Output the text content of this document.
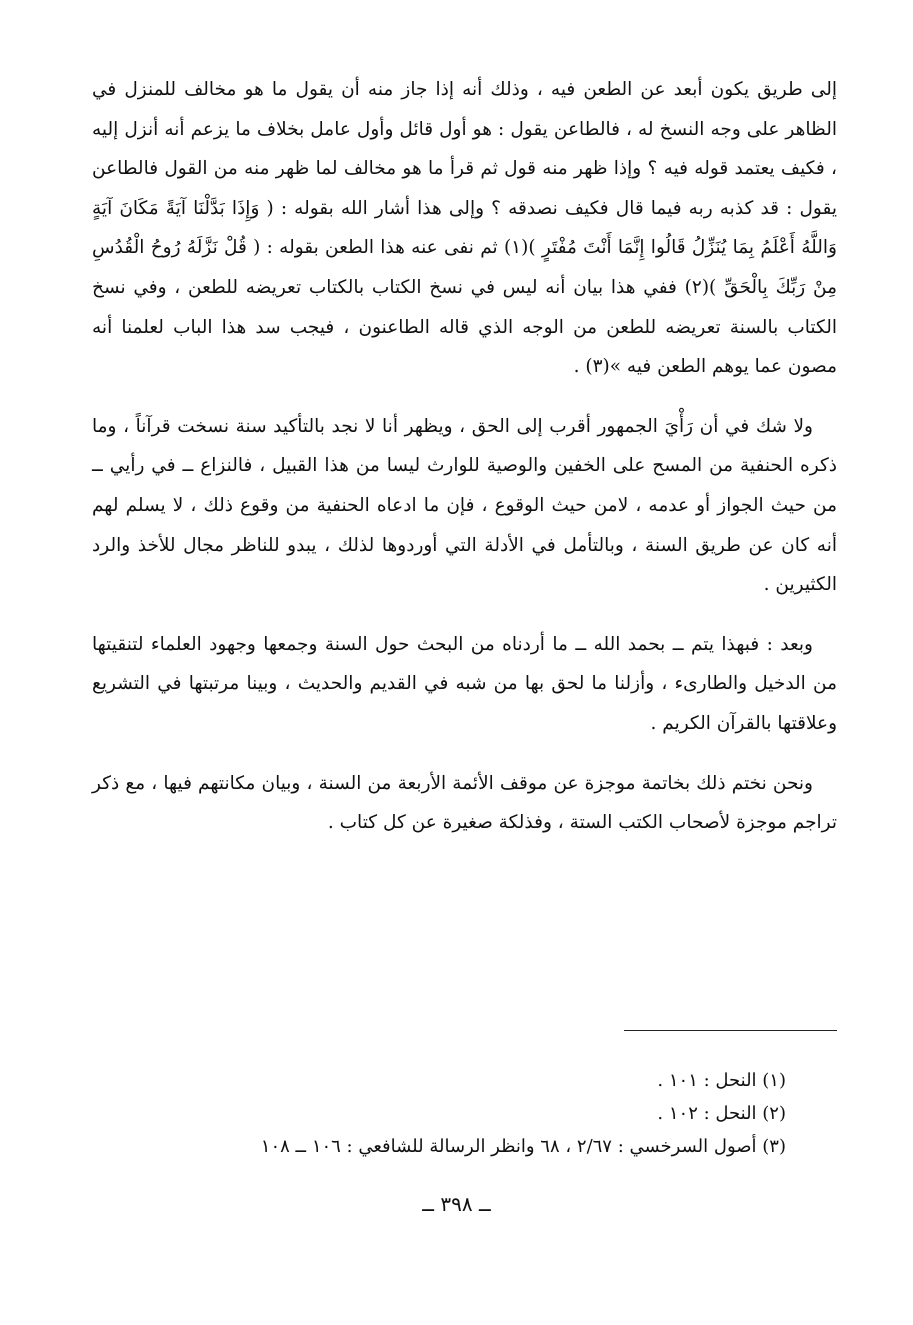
إلى طريق يكون أبعد عن الطعن فيه ، وذلك أنه إذا جاز منه أن يقول ما هو مخالف للمنزل في الظاهر على وجه النسخ له ، فالطاعن يقول : هو أول قائل وأول عامل بخلاف ما يزعم أنه أنزل إليه ، فكيف يعتمد قوله فيه ؟ وإذا ظهر منه قول ثم قرأ ما هو مخالف لما ظهر منه من القول فالطاعن يقول : قد كذبه ربه فيما قال فكيف نصدقه ؟ وإلى هذا أشار الله بقوله : ( وَإِذَا بَدَّلْنَا آيَةً مَكَانَ آيَةٍ وَاللَّهُ أَعْلَمُ بِمَا يُنَزِّلُ قَالُوا إِنَّمَا أَنْتَ مُفْتَرٍ )(١) ثم نفى عنه هذا الطعن بقوله : ( قُلْ نَزَّلَهُ رُوحُ الْقُدُسِ مِنْ رَبِّكَ بِالْحَقِّ )(٢) ففي هذا بيان أنه ليس في نسخ الكتاب بالكتاب تعريضه للطعن ، وفي نسخ الكتاب بالسنة تعريضه للطعن من الوجه الذي قاله الطاعنون ، فيجب سد هذا الباب لعلمنا أنه مصون عما يوهم الطعن فيه »(٣) .

ولا شك في أن رَأْيَ الجمهور أقرب إلى الحق ، ويظهر أنا لا نجد بالتأكيد سنة نسخت قرآناً ، وما ذكره الحنفية من المسح على الخفين والوصية للوارث ليسا من هذا القبيل ، فالنزاع ــ في رأيي ــ من حيث الجواز أو عدمه ، لامن حيث الوقوع ، فإن ما ادعاه الحنفية من وقوع ذلك ، لا يسلم لهم أنه كان عن طريق السنة ، وبالتأمل في الأدلة التي أوردوها لذلك ، يبدو للناظر مجال للأخذ والرد الكثيرين .

وبعد : فبهذا يتم ــ بحمد الله ــ ما أردناه من البحث حول السنة وجمعها وجهود العلماء لتنقيتها من الدخيل والطارىء ، وأزلنا ما لحق بها من شبه في القديم والحديث ، وبينا مرتبتها في التشريع وعلاقتها بالقرآن الكريم .

ونحن نختم ذلك بخاتمة موجزة عن موقف الأئمة الأربعة من السنة ، وبيان مكانتهم فيها ، مع ذكر تراجم موجزة لأصحاب الكتب الستة ، وفذلكة صغيرة عن كل كتاب .

(١) النحل : ١٠١ .
(٢) النحل : ١٠٢ .
(٣) أصول السرخسي : ٢/٦٧ ، ٦٨ وانظر الرسالة للشافعي : ١٠٦ ــ ١٠٨
ــ ٣٩٨ ــ
